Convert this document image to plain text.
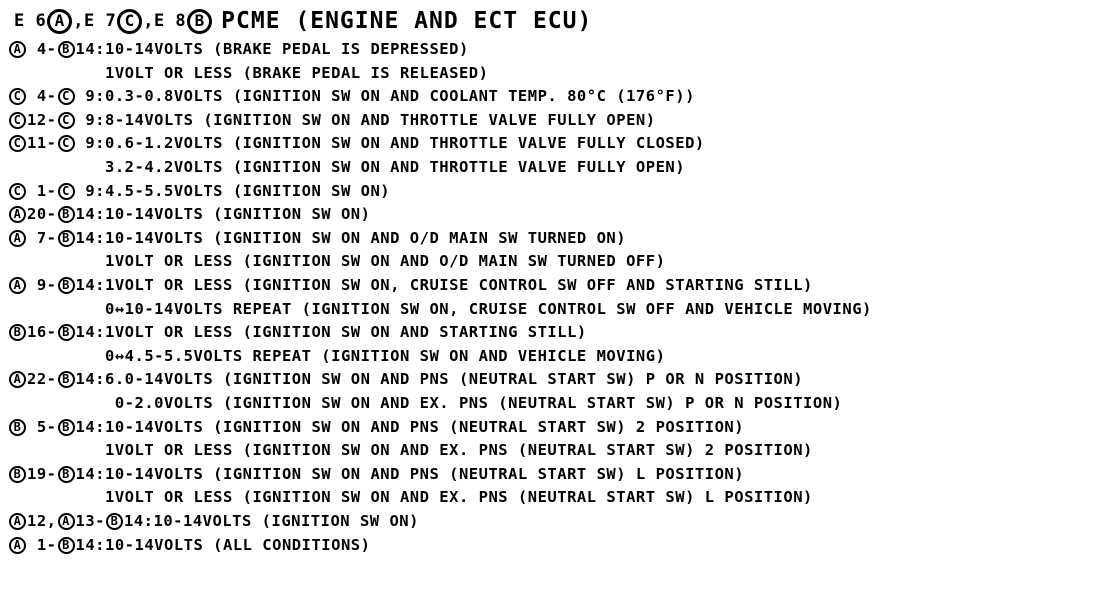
E 6 A , E 7 C , E 8 B PCME (ENGINE AND ECT ECU)
A 4- B 14: 10-14VOLTS (BRAKE PEDAL IS DEPRESSED)
1VOLT OR LESS (BRAKE PEDAL IS RELEASED)
C 4- C 9: 0.3-0.8VOLTS (IGNITION SW ON AND COOLANT TEMP. 80°C (176°F))
C 12- C 9: 8-14VOLTS (IGNITION SW ON AND THROTTLE VALVE FULLY OPEN)
C 11- C 9: 0.6-1.2VOLTS (IGNITION SW ON AND THROTTLE VALVE FULLY CLOSED)
3.2-4.2VOLTS (IGNITION SW ON AND THROTTLE VALVE FULLY OPEN)
C 1- C 9: 4.5-5.5VOLTS (IGNITION SW ON)
A 20- B 14: 10-14VOLTS (IGNITION SW ON)
A 7- B 14: 10-14VOLTS (IGNITION SW ON AND O/D MAIN SW TURNED ON)
1VOLT OR LESS (IGNITION SW ON AND O/D MAIN SW TURNED OFF)
A 9- B 14: 1VOLT OR LESS (IGNITION SW ON, CRUISE CONTROL SW OFF AND STARTING STILL)
0↔10-14VOLTS REPEAT (IGNITION SW ON, CRUISE CONTROL SW OFF AND VEHICLE MOVING)
B 16- B 14: 1VOLT OR LESS (IGNITION SW ON AND STARTING STILL)
0↔4.5-5.5VOLTS REPEAT (IGNITION SW ON AND VEHICLE MOVING)
A 22- B 14: 6.0-14VOLTS (IGNITION SW ON AND PNS (NEUTRAL START SW) P OR N POSITION)
0-2.0VOLTS (IGNITION SW ON AND EX. PNS (NEUTRAL START SW) P OR N POSITION)
B 5- B 14: 10-14VOLTS (IGNITION SW ON AND PNS (NEUTRAL START SW) 2 POSITION)
1VOLT OR LESS (IGNITION SW ON AND EX. PNS (NEUTRAL START SW) 2 POSITION)
B 19- B 14: 10-14VOLTS (IGNITION SW ON AND PNS (NEUTRAL START SW) L POSITION)
1VOLT OR LESS (IGNITION SW ON AND EX. PNS (NEUTRAL START SW) L POSITION)
A 12, A 13- B 14: 10-14VOLTS (IGNITION SW ON)
A 1- B 14: 10-14VOLTS (ALL CONDITIONS)
